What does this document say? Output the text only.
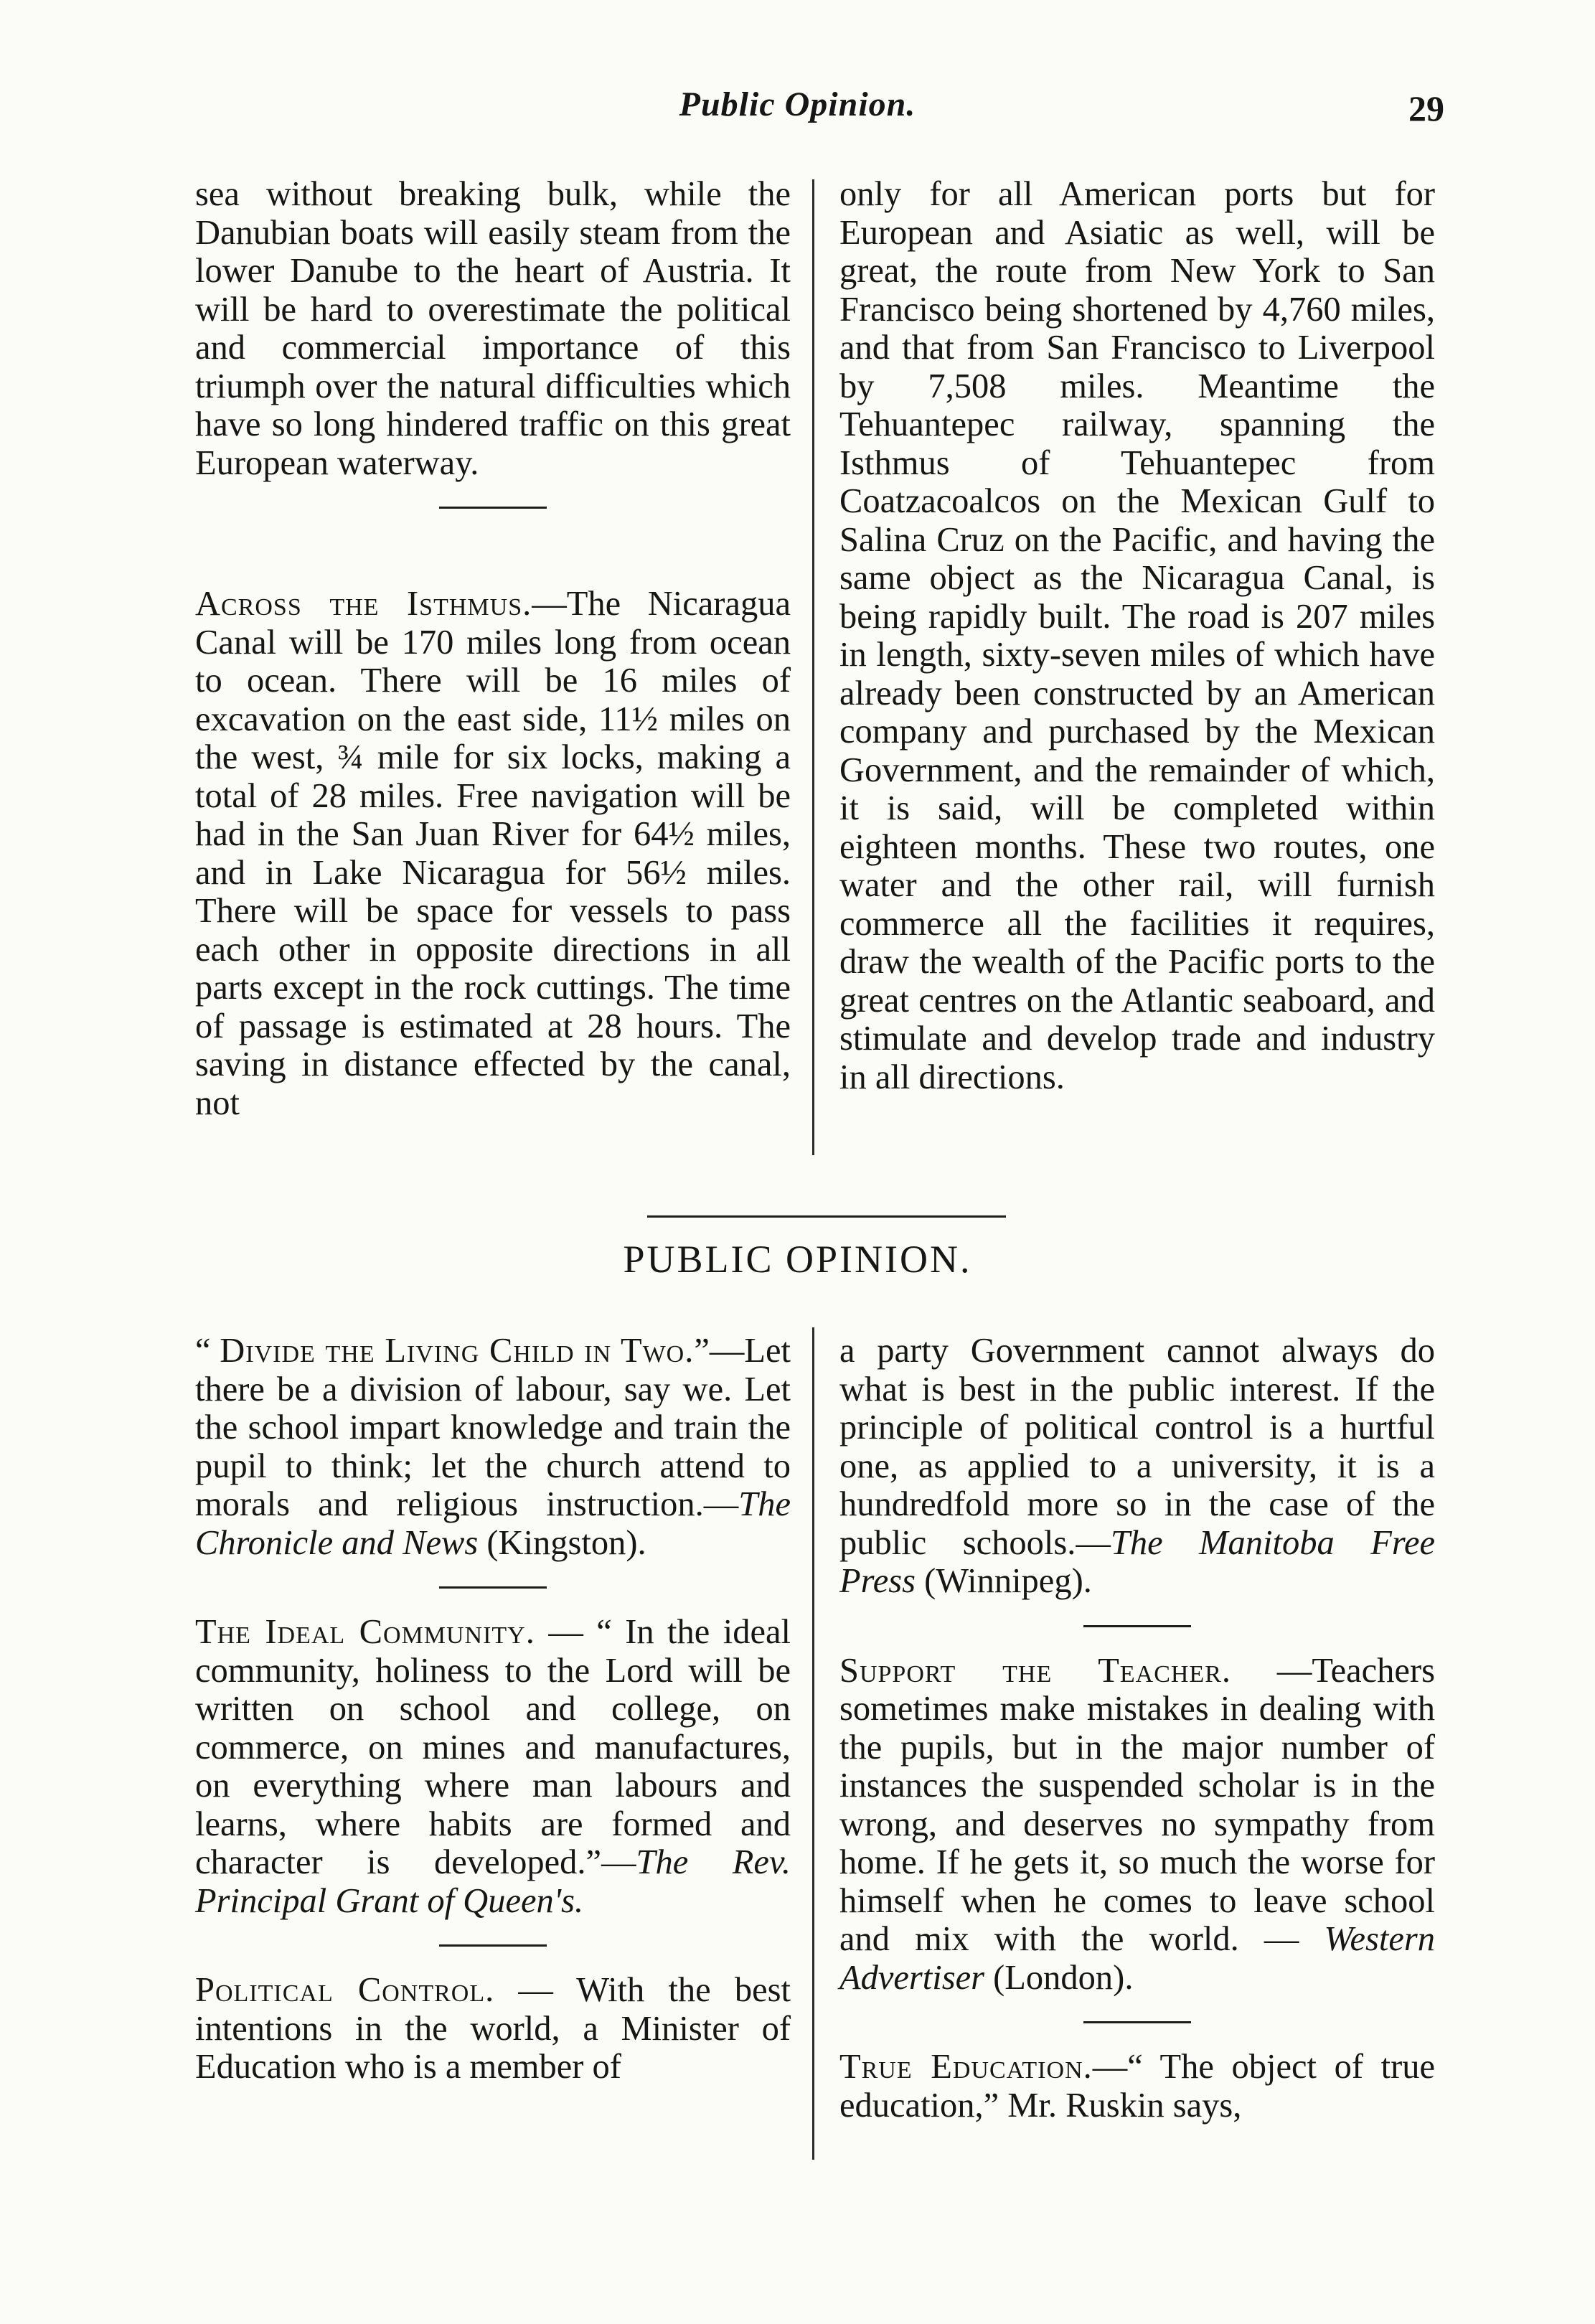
Public Opinion.	29

sea without breaking bulk, while the Danubian boats will easily steam from the lower Danube to the heart of Austria. It will be hard to overestimate the political and commercial importance of this triumph over the natural difficulties which have so long hindered traffic on this great European waterway.

Across the Isthmus.—The Nicaragua Canal will be 170 miles long from ocean to ocean. There will be 16 miles of excavation on the east side, 11½ miles on the west, ¾ mile for six locks, making a total of 28 miles. Free navigation will be had in the San Juan River for 64½ miles, and in Lake Nicaragua for 56½ miles. There will be space for vessels to pass each other in opposite directions in all parts except in the rock cuttings. The time of passage is estimated at 28 hours. The saving in distance effected by the canal, not

only for all American ports but for European and Asiatic as well, will be great, the route from New York to San Francisco being shortened by 4,760 miles, and that from San Francisco to Liverpool by 7,508 miles. Meantime the Tehuantepec railway, spanning the Isthmus of Tehuantepec from Coatzacoalcos on the Mexican Gulf to Salina Cruz on the Pacific, and having the same object as the Nicaragua Canal, is being rapidly built. The road is 207 miles in length, sixty-seven miles of which have already been constructed by an American company and purchased by the Mexican Government, and the remainder of which, it is said, will be completed within eighteen months. These two routes, one water and the other rail, will furnish commerce all the facilities it requires, draw the wealth of the Pacific ports to the great centres on the Atlantic seaboard, and stimulate and develop trade and industry in all directions.

PUBLIC OPINION.

“ Divide the Living Child in Two.”—Let there be a division of labour, say we. Let the school impart knowledge and train the pupil to think; let the church attend to morals and religious instruction.—The Chronicle and News (Kingston).

The Ideal Community. — “ In the ideal community, holiness to the Lord will be written on school and college, on commerce, on mines and manufactures, on everything where man labours and learns, where habits are formed and character is developed.”—The Rev. Principal Grant of Queen's.

Political Control. — With the best intentions in the world, a Minister of Education who is a member of

a party Government cannot always do what is best in the public interest. If the principle of political control is a hurtful one, as applied to a university, it is a hundredfold more so in the case of the public schools.—The Manitoba Free Press (Winnipeg).

Support the Teacher. —Teachers sometimes make mistakes in dealing with the pupils, but in the major number of instances the suspended scholar is in the wrong, and deserves no sympathy from home. If he gets it, so much the worse for himself when he comes to leave school and mix with the world. — Western Advertiser (London).

True Education.—“ The object of true education,” Mr. Ruskin says,
